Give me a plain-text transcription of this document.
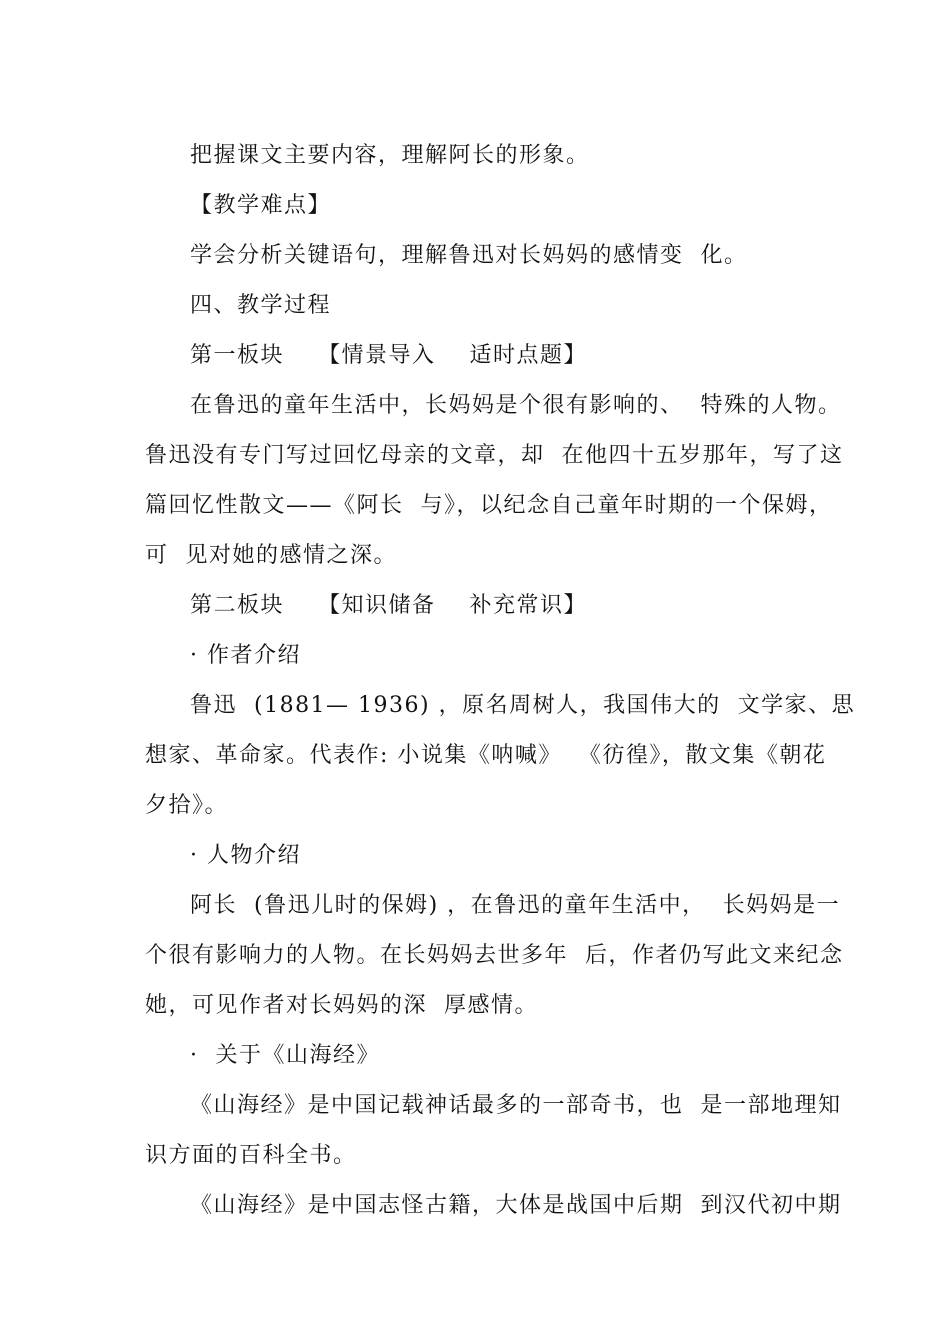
把握课文主要内容，理解阿长的形象。
【教学难点】
学会分析关键语句，理解鲁迅对长妈妈的感情变  化。
四、教学过程
第一板块    【情景导入    适时点题】
在鲁迅的童年生活中，长妈妈是个很有影响的、  特殊的人物。
鲁迅没有专门写过回忆母亲的文章，却  在他四十五岁那年，写了这
篇回忆性散文——《阿长  与》，以纪念自己童年时期的一个保姆，
可  见对她的感情之深。
第二板块    【知识储备    补充常识】
· 作者介绍
鲁迅  (1881— 1936) ，原名周树人，我国伟大的  文学家、思
想家、革命家。代表作: 小说集《呐喊》  《彷徨》，散文集《朝花
夕拾》。
· 人物介绍
阿长  (鲁迅儿时的保姆) ，在鲁迅的童年生活中，  长妈妈是一
个很有影响力的人物。在长妈妈去世多年  后，作者仍写此文来纪念
她，可见作者对长妈妈的深  厚感情。
·  关于《山海经》
《山海经》是中国记载神话最多的一部奇书，也  是一部地理知
识方面的百科全书。
《山海经》是中国志怪古籍，大体是战国中后期  到汉代初中期
